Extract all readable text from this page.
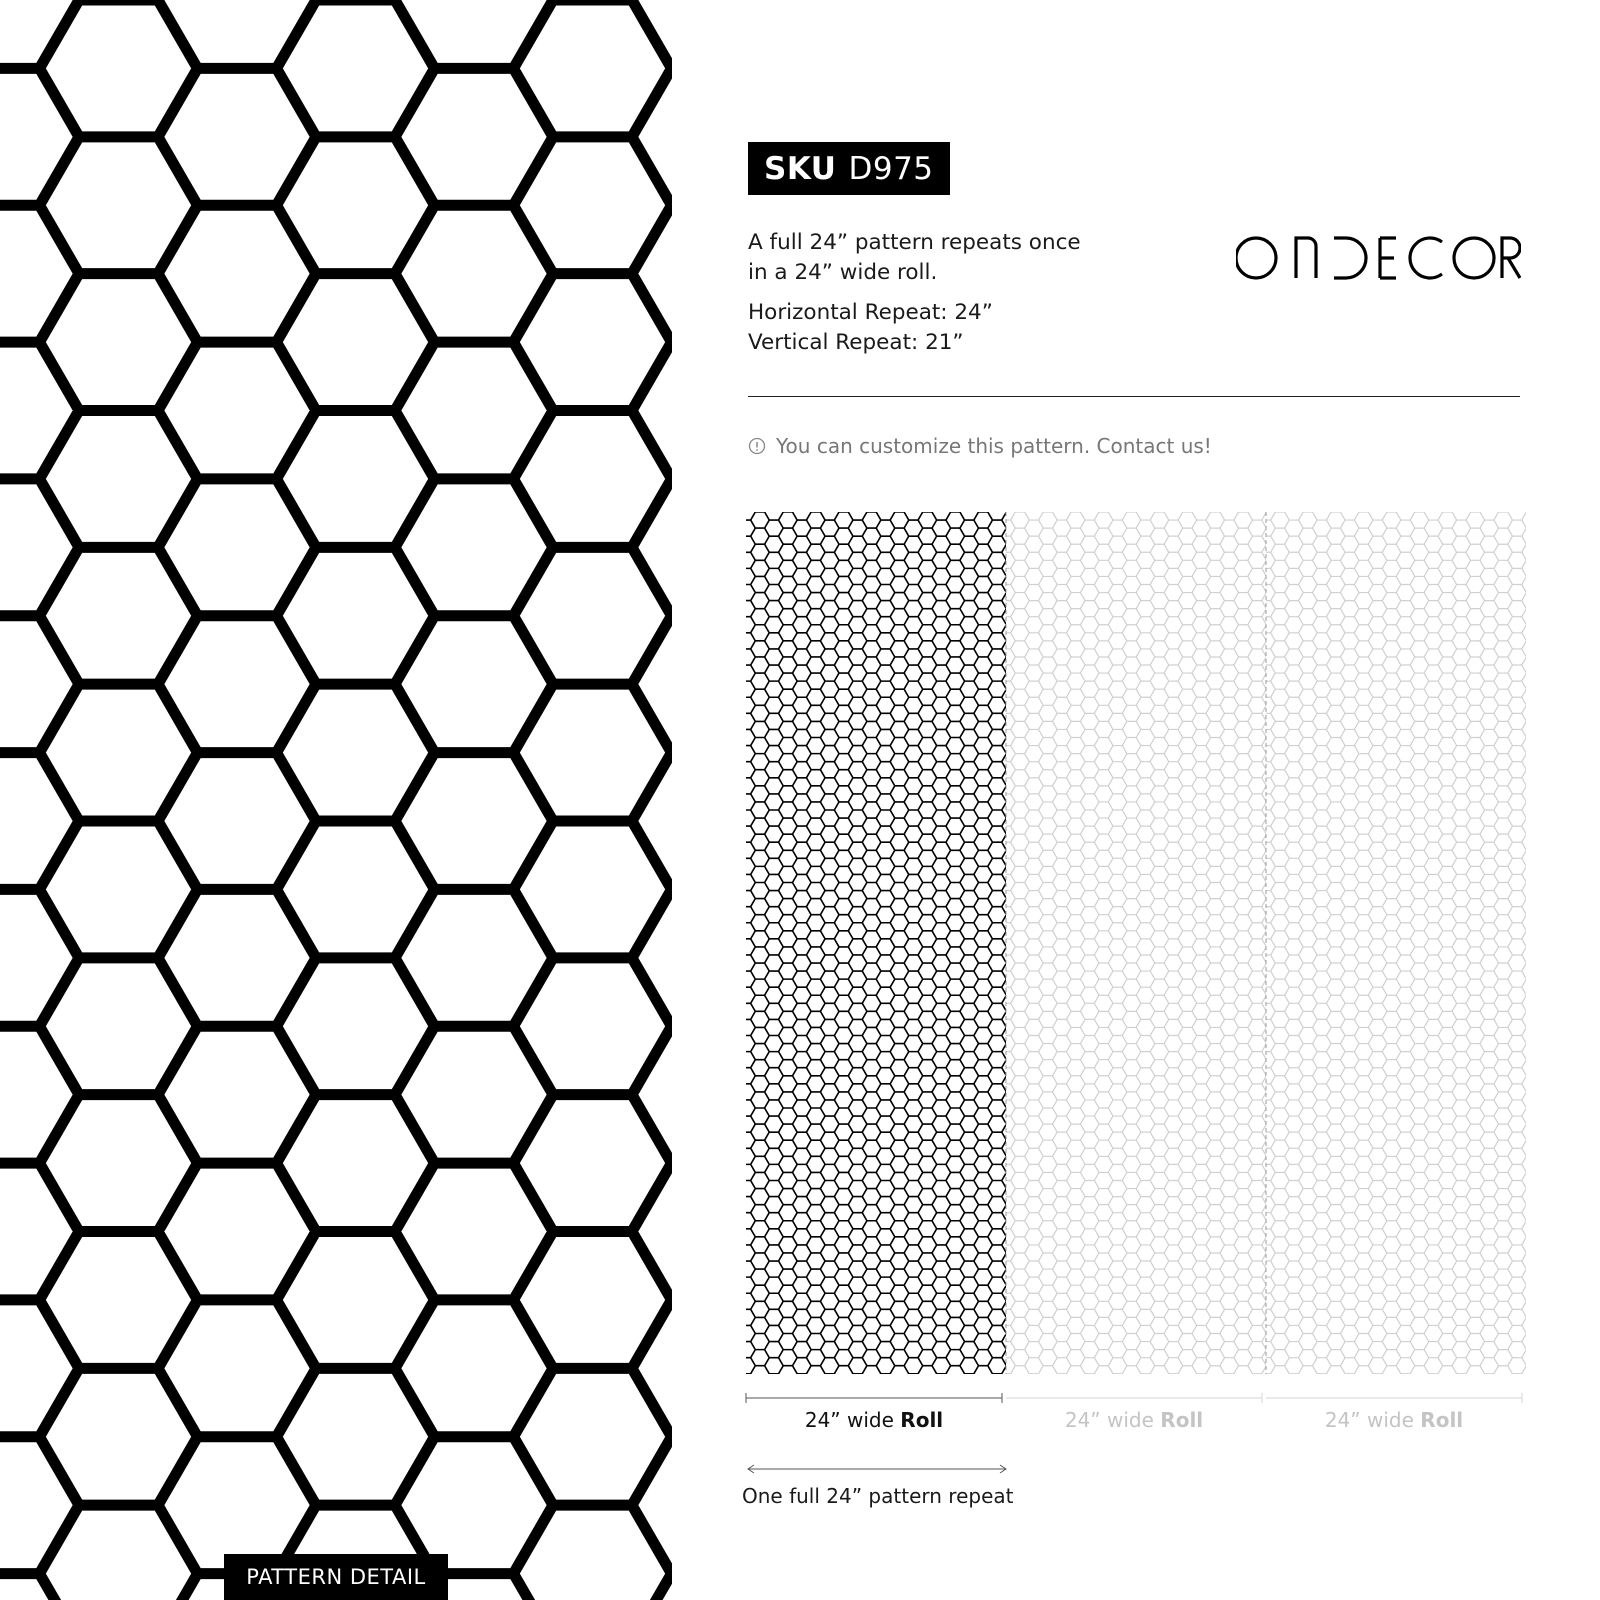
PATTERN DETAIL
SKU D975

A full 24” pattern repeats once

in a 24” wide roll.

Horizontal Repeat: 24”

Vertical Repeat: 21”

You can customize this pattern. Contact us!
24” wide Roll	24” wide Roll	24” wide Roll
One full 24” pattern repeat
